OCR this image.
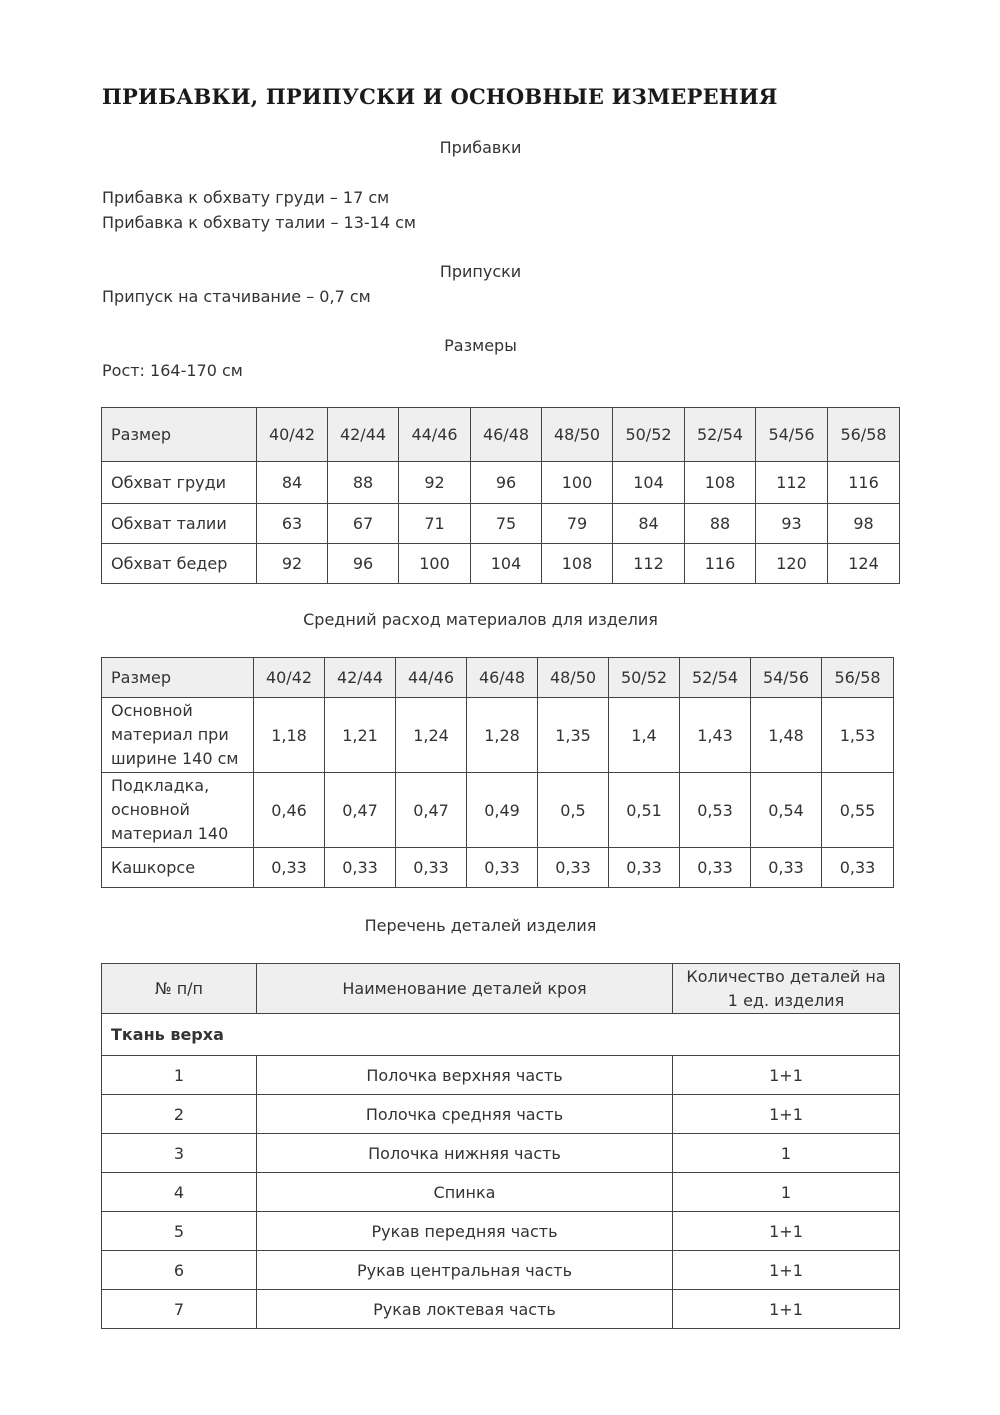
ПРИБАВКИ, ПРИПУСКИ И ОСНОВНЫЕ ИЗМЕРЕНИЯ
Прибавки
Прибавка к обхвату груди – 17 см
Прибавка к обхвату талии – 13-14 см
Припуски
Припуск на стачивание – 0,7 см
Размеры
Рост: 164-170 см
Размер	40/42	42/44	44/46	46/48	48/50	50/52	52/54	54/56	56/58
Обхват груди	84	88	92	96	100	104	108	112	116
Обхват талии	63	67	71	75	79	84	88	93	98
Обхват бедер	92	96	100	104	108	112	116	120	124
Средний расход материалов для изделия
Размер	40/42	42/44	44/46	46/48	48/50	50/52	52/54	54/56	56/58

Основной
материал при
ширине 140 см	1,18	1,21	1,24	1,28	1,35	1,4	1,43	1,48	1,53

Подкладка,
основной
материал 140	0,46	0,47	0,47	0,49	0,5	0,51	0,53	0,54	0,55
Кашкорсе	0,33	0,33	0,33	0,33	0,33	0,33	0,33	0,33	0,33
Перечень деталей изделия
№ п/п	Наименование деталей кроя	Количество деталей на
1 ед. изделия

Ткань верха		
1	Полочка верхняя часть	1+1
2	Полочка средняя часть	1+1
3	Полочка нижняя часть	1
4	Спинка	1
5	Рукав передняя часть	1+1
6	Рукав центральная часть	1+1
7	Рукав локтевая часть	1+1
